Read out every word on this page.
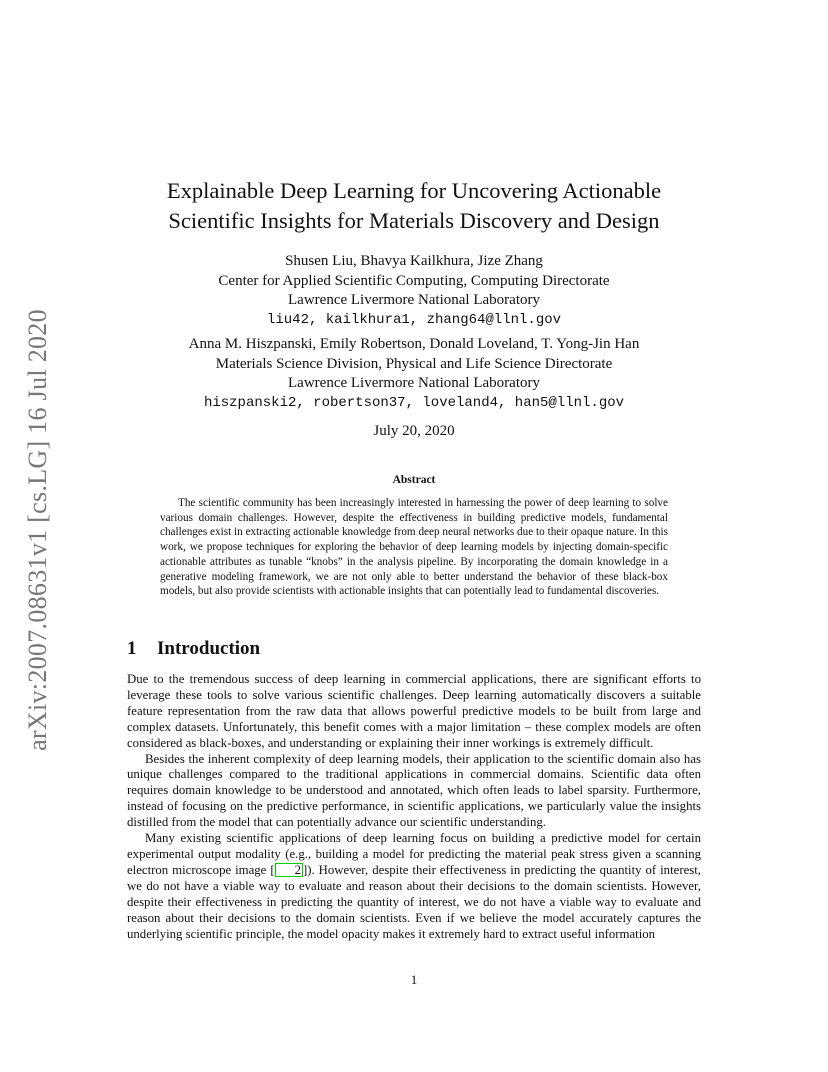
arXiv:2007.08631v1 [cs.LG] 16 Jul 2020
Explainable Deep Learning for Uncovering Actionable
Scientific Insights for Materials Discovery and Design
Shusen Liu, Bhavya Kailkhura, Jize Zhang
Center for Applied Scientific Computing, Computing Directorate
Lawrence Livermore National Laboratory
liu42, kailkhura1, zhang64@llnl.gov
Anna M. Hiszpanski, Emily Robertson, Donald Loveland, T. Yong-Jin Han
Materials Science Division, Physical and Life Science Directorate
Lawrence Livermore National Laboratory
hiszpanski2, robertson37, loveland4, han5@llnl.gov
July 20, 2020
Abstract
The scientific community has been increasingly interested in harnessing the power of deep learning to solve various domain challenges. However, despite the effectiveness in building predictive models, fundamental challenges exist in extracting actionable knowledge from deep neural networks due to their opaque nature. In this work, we propose techniques for exploring the behavior of deep learning models by injecting domain-specific actionable attributes as tunable “knobs” in the analysis pipeline. By incorporating the domain knowledge in a generative modeling framework, we are not only able to better understand the behavior of these black-box models, but also provide scientists with actionable insights that can potentially lead to fundamental discoveries.
1 Introduction

Due to the tremendous success of deep learning in commercial applications, there are significant efforts to leverage these tools to solve various scientific challenges. Deep learning automatically discovers a suitable feature representation from the raw data that allows powerful predictive models to be built from large and complex datasets. Unfortunately, this benefit comes with a major limitation – these complex models are often considered as black-boxes, and understanding or explaining their inner workings is extremely difficult.

Besides the inherent complexity of deep learning models, their application to the scientific domain also has unique challenges compared to the traditional applications in commercial domains. Scientific data often requires domain knowledge to be understood and annotated, which often leads to label sparsity. Furthermore, instead of focusing on the predictive performance, in scientific applications, we particularly value the insights distilled from the model that can potentially advance our scientific understanding.

Many existing scientific applications of deep learning focus on building a predictive model for certain experimental output modality (e.g., building a model for predicting the material peak stress given a scanning electron microscope image [ 2 ]). However, despite their effectiveness in predicting the quantity of interest, we do not have a viable way to evaluate and reason about their decisions to the domain scientists. However, despite their effectiveness in predicting the quantity of interest, we do not have a viable way to evaluate and reason about their decisions to the domain scientists. Even if we believe the model accurately captures the underlying scientific principle, the model opacity makes it extremely hard to extract useful information

1
